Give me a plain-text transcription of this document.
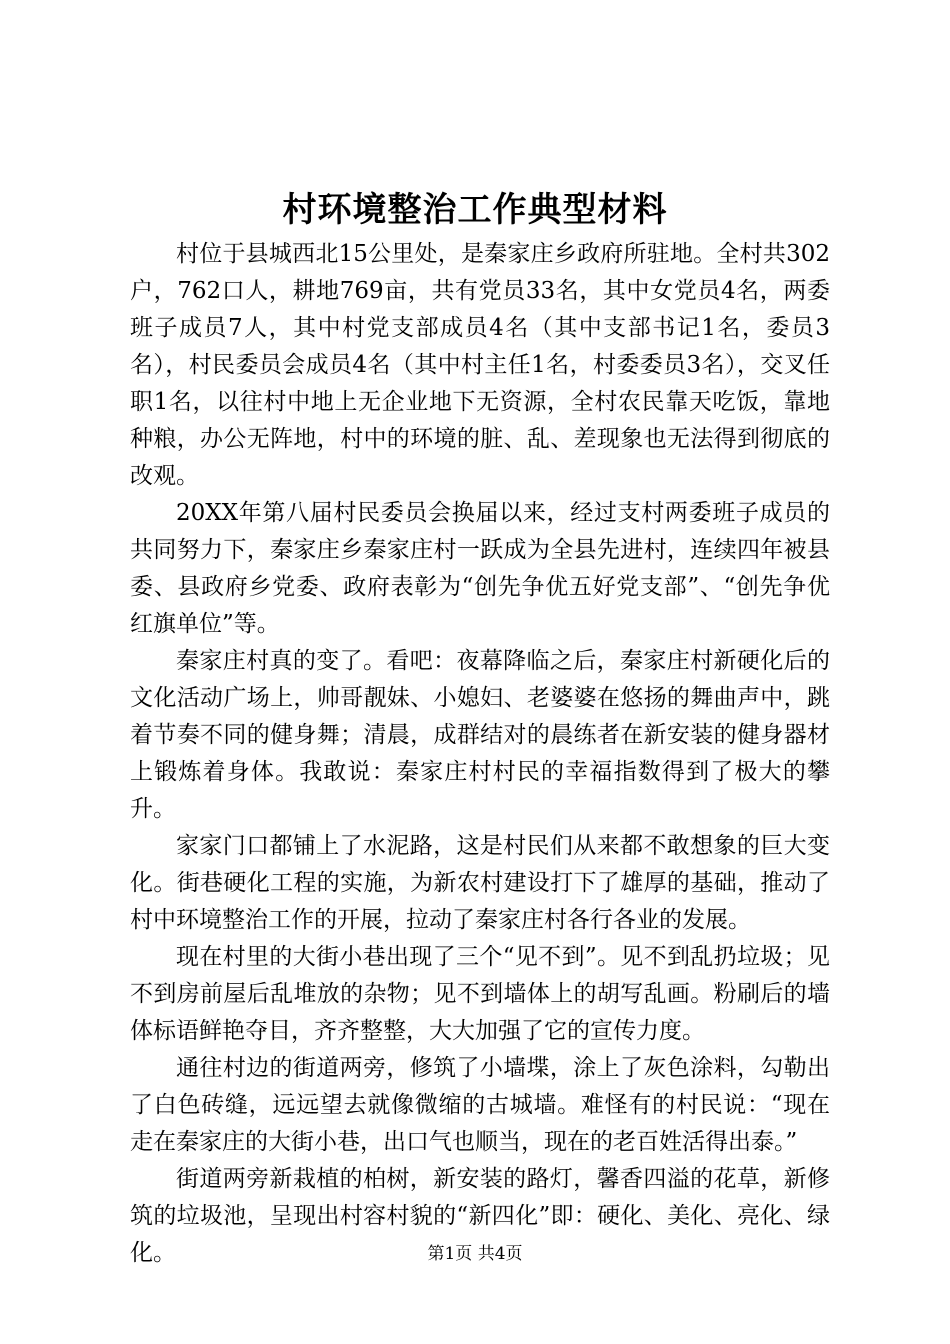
村环境整治工作典型材料

村位于县城西北15公里处，是秦家庄乡政府所驻地。全村共302户，762口人，耕地769亩，共有党员33名，其中女党员4名，两委班子成员7人，其中村党支部成员4名（其中支部书记1名，委员3名），村民委员会成员4名（其中村主任1名，村委委员3名），交叉任职1名，以往村中地上无企业地下无资源，全村农民靠天吃饭，靠地种粮，办公无阵地，村中的环境的脏、乱、差现象也无法得到彻底的改观。

20XX年第八届村民委员会换届以来，经过支村两委班子成员的共同努力下，秦家庄乡秦家庄村一跃成为全县先进村，连续四年被县委、县政府乡党委、政府表彰为“创先争优五好党支部”、“创先争优红旗单位”等。

秦家庄村真的变了。看吧：夜幕降临之后，秦家庄村新硬化后的文化活动广场上，帅哥靓妹、小媳妇、老婆婆在悠扬的舞曲声中，跳着节奏不同的健身舞；清晨，成群结对的晨练者在新安装的健身器材上锻炼着身体。我敢说：秦家庄村村民的幸福指数得到了极大的攀升。

家家门口都铺上了水泥路，这是村民们从来都不敢想象的巨大变化。街巷硬化工程的实施，为新农村建设打下了雄厚的基础，推动了村中环境整治工作的开展，拉动了秦家庄村各行各业的发展。

现在村里的大街小巷出现了三个“见不到”。见不到乱扔垃圾；见不到房前屋后乱堆放的杂物；见不到墙体上的胡写乱画。粉刷后的墙体标语鲜艳夺目，齐齐整整，大大加强了它的宣传力度。

通往村边的街道两旁，修筑了小墙堞，涂上了灰色涂料，勾勒出了白色砖缝，远远望去就像微缩的古城墙。难怪有的村民说：“现在走在秦家庄的大街小巷，出口气也顺当，现在的老百姓活得出泰。”

街道两旁新栽植的柏树，新安装的路灯，馨香四溢的花草，新修筑的垃圾池，呈现出村容村貌的“新四化”即：硬化、美化、亮化、绿化。	第1页 共4页
